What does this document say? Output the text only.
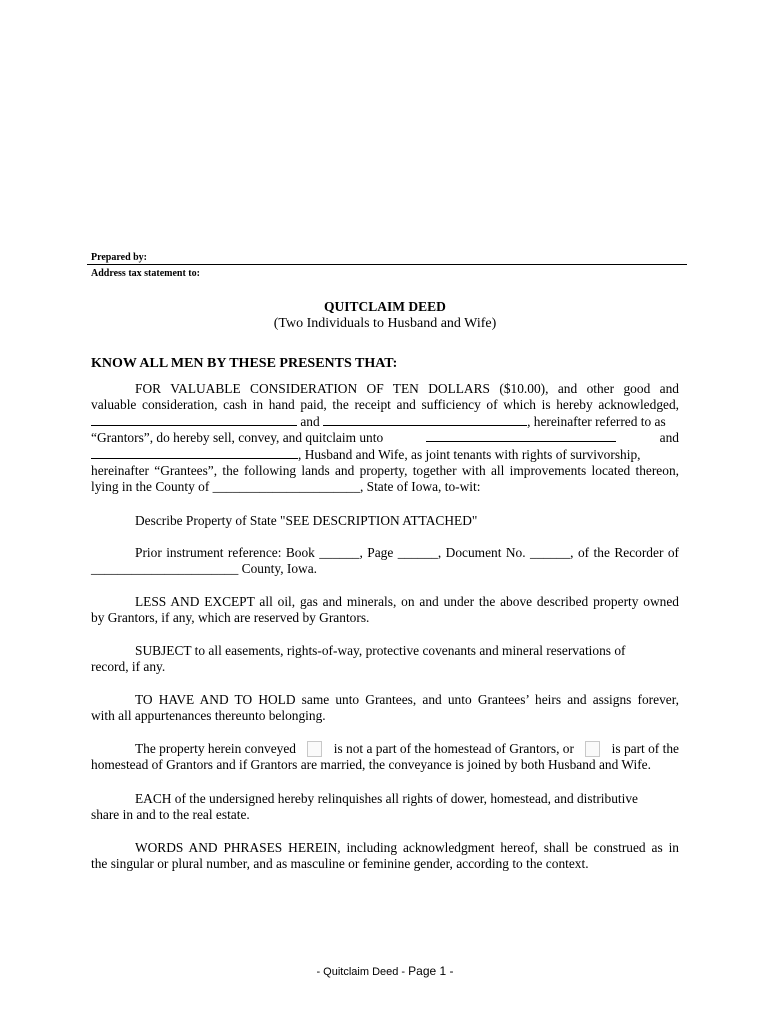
Prepared by:
Address tax statement to:
QUITCLAIM DEED
(Two Individuals to Husband and Wife)
KNOW ALL MEN BY THESE PRESENTS THAT:
FOR VALUABLE CONSIDERATION OF TEN DOLLARS ($10.00), and other good and
valuable consideration, cash in hand paid, the receipt and sufficiency of which is hereby acknowledged,
and	, hereinafter referred to as
“Grantors”, do hereby sell, convey, and quitclaim unto	and
, Husband and Wife, as joint tenants with rights of survivorship,
hereinafter “Grantees”, the following lands and property, together with all improvements located thereon,
lying in the County of ______________________, State of Iowa, to-wit:
Describe Property of State "SEE DESCRIPTION ATTACHED"
Prior instrument reference: Book ______, Page ______, Document No. ______, of the Recorder of
______________________ County, Iowa.
LESS AND EXCEPT all oil, gas and minerals, on and under the above described property owned
by Grantors, if any, which are reserved by Grantors.
SUBJECT to all easements, rights-of-way, protective covenants and mineral reservations of
record, if any.
TO HAVE AND TO HOLD same unto Grantees, and unto Grantees’ heirs and assigns forever,
with all appurtenances thereunto belonging.
The property herein conveyed	is not a part of the homestead of Grantors, or	is part of the
homestead of Grantors and if Grantors are married, the conveyance is joined by both Husband and Wife.
EACH of the undersigned hereby relinquishes all rights of dower, homestead, and distributive
share in and to the real estate.
WORDS AND PHRASES HEREIN, including acknowledgment hereof, shall be construed as in
the singular or plural number, and as masculine or feminine gender, according to the context.
- Quitclaim Deed - Page 1 -
